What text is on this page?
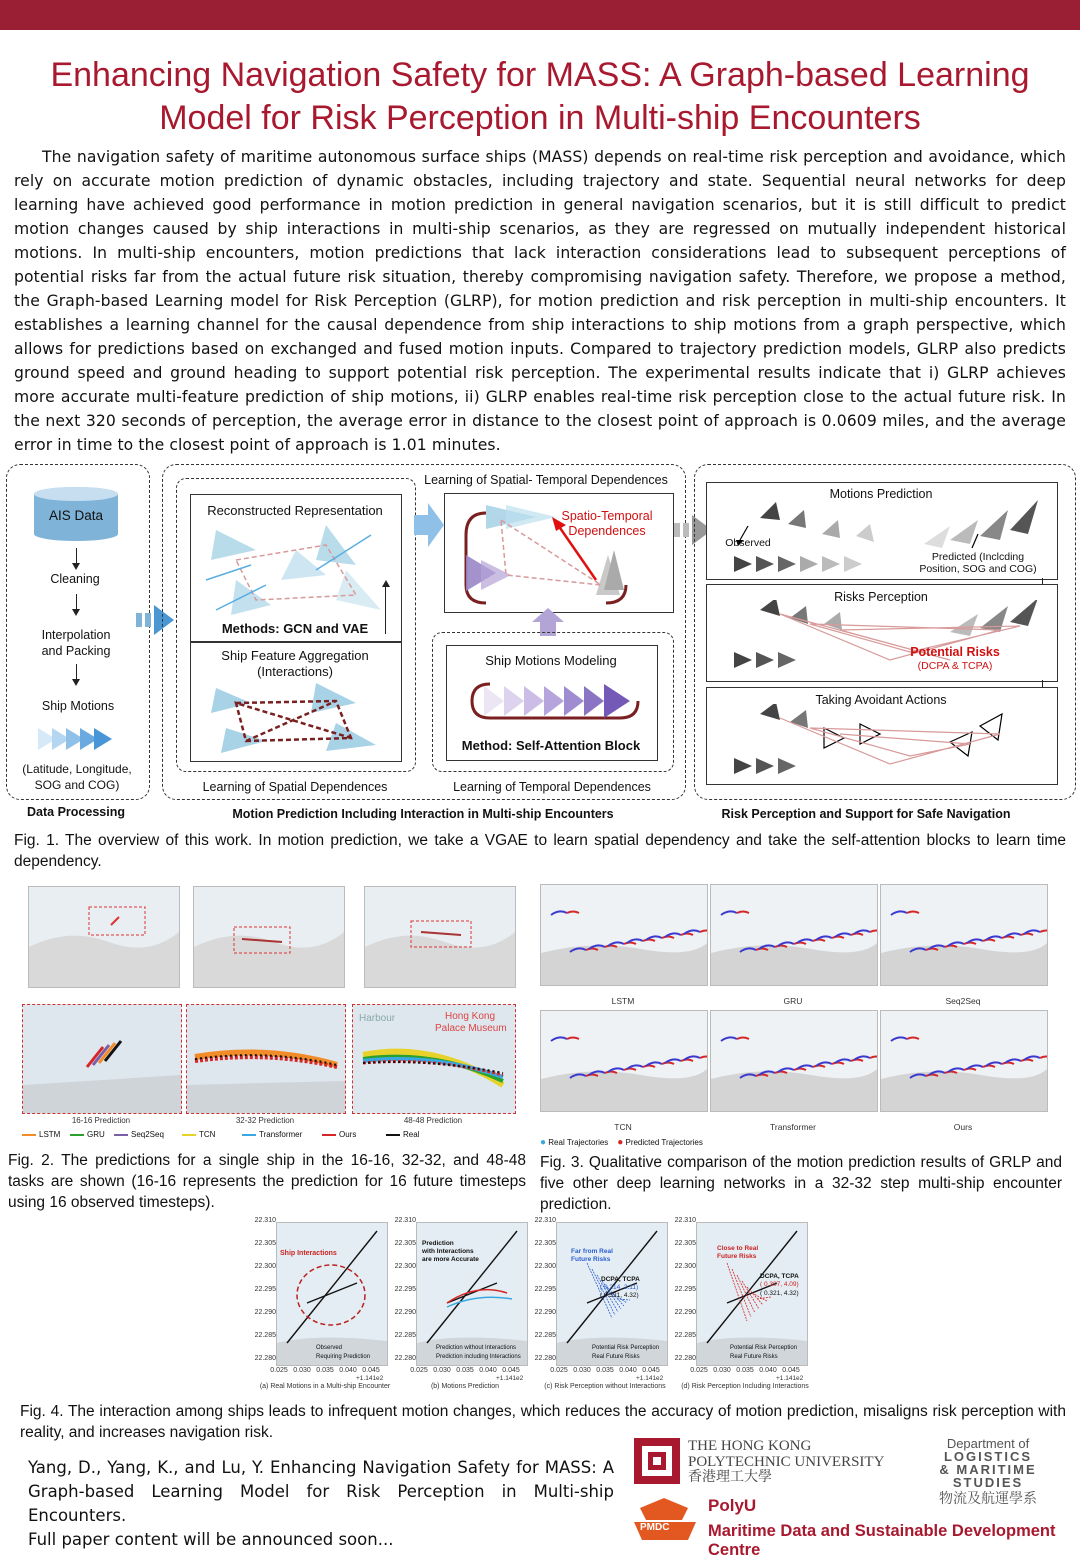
Enhancing Navigation Safety for MASS: A Graph-based Learning
Model for Risk Perception in Multi-ship Encounters

The navigation safety of maritime autonomous surface ships (MASS) depends on real-time risk perception and avoidance, which rely on accurate motion prediction of dynamic obstacles, including trajectory and state. Sequential neural networks for deep learning have achieved good performance in motion prediction in general navigation scenarios, but it is still difficult to predict motion changes caused by ship interactions in multi-ship scenarios, as they are regressed on mutually independent historical motions. In multi-ship encounters, motion predictions that lack interaction considerations lead to subsequent perceptions of potential risks far from the actual future risk situation, thereby compromising navigation safety. Therefore, we propose a method, the Graph-based Learning model for Risk Perception (GLRP), for motion prediction and risk perception in multi-ship encounters. It establishes a learning channel for the causal dependence from ship interactions to ship motions from a graph perspective, which allows for predictions based on exchanged and fused motion inputs. Compared to trajectory prediction models, GLRP also predicts ground speed and ground heading to support potential risk perception. The experimental results indicate that i) GLRP achieves more accurate multi-feature prediction of ship motions, ii) GLRP enables real-time risk perception close to the actual future risk. In the next 320 seconds of perception, the average error in distance to the closest point of approach is 0.0609 miles, and the average error in time to the closest point of approach is 1.01 minutes.

AIS Data
Cleaning
Interpolation
and Packing
Ship Motions
(Latitude, Longitude,
SOG and COG)
Data Processing
Reconstructed Representation
Methods: GCN and VAE
Ship Feature Aggregation
(Interactions)
Learning of Spatial Dependences
Learning of Spatial- Temporal Dependences
Spatio-Temporal
Dependences
Ship Motions Modeling
Method: Self-Attention Block
Learning of Temporal Dependences
Motion Prediction Including Interaction in Multi-ship Encounters
Motions Prediction
Observed
Predicted (Inclcding
Position, SOG and COG)
Risks Perception
Potential Risks
(DCPA & TCPA)
Taking Avoidant Actions
Risk Perception and Support for Safe Navigation
Fig. 1. The overview of this work. In motion prediction, we take a VGAE to learn spatial dependency and take the self-attention blocks to learn time dependency.
Harbour	Hong Kong
Palace Museum
16-16 Prediction	32-32 Prediction	48-48 Prediction
LSTM	GRU	Seq2Seq	TCN	Transformer	Ours	Real
Fig. 2. The predictions for a single ship in the 16-16, 32-32, and 48-48 tasks are shown (16-16 represents the prediction for 16 future timesteps using 16 observed timesteps).
LSTM	GRU	Seq2Seq
TCN	Transformer	Ours
● Real Trajectories ● Predicted Trajectories
Fig. 3. Qualitative comparison of the motion prediction results of GRLP and five other deep learning networks in a 32-32 step multi-ship encounter prediction.
22.310
22.305
22.300
22.295
22.290
22.285
22.280
0.025 0.030 0.035 0.040 0.045
+1.141e2
(a) Real Motions in a Multi-ship Encounter
22.310
22.305
22.300
22.295
22.290
22.285
22.280
0.025 0.030 0.035 0.040 0.045
+1.141e2
(b) Motions Prediction
22.310
22.305
22.300
22.295
22.290
22.285
22.280
0.025 0.030 0.035 0.040 0.045
+1.141e2
(c) Risk Perception without Interactions
22.310
22.305
22.300
22.295
22.290
22.285
22.280
0.025 0.030 0.035 0.040 0.045
+1.141e2
(d) Risk Perception Including Interactions
Ship Interactions
Prediction
with Interactions
are more Accurate
Far from Real
Future Risks
DCPA, TCPA
( 0.214, 2.11)
( 0.321, 4.32)
Close to Real
Future Risks
DCPA, TCPA
( 0.307, 4.09)
( 0.321, 4.32)
Observed
Requiring Prediction
Prediction without Interactions
Prediction including Interactions
Potential Risk Perception
Real Future Risks
Potential Risk Perception
Real Future Risks
Fig. 4. The interaction among ships leads to infrequent motion changes, which reduces the accuracy of motion prediction, misaligns risk perception with reality, and increases navigation risk.
Yang, D., Yang, K., and Lu, Y. Enhancing Navigation Safety for MASS: A Graph-based Learning Model for Risk Perception in Multi-ship Encounters.
Full paper content will be announced soon...
THE HONG KONG
POLYTECHNIC UNIVERSITY
香港理工大學
Department of
LOGISTICS
& MARITIME
STUDIES
物流及航運學系
PMDC
PolyU
Maritime Data and Sustainable Development Centre
